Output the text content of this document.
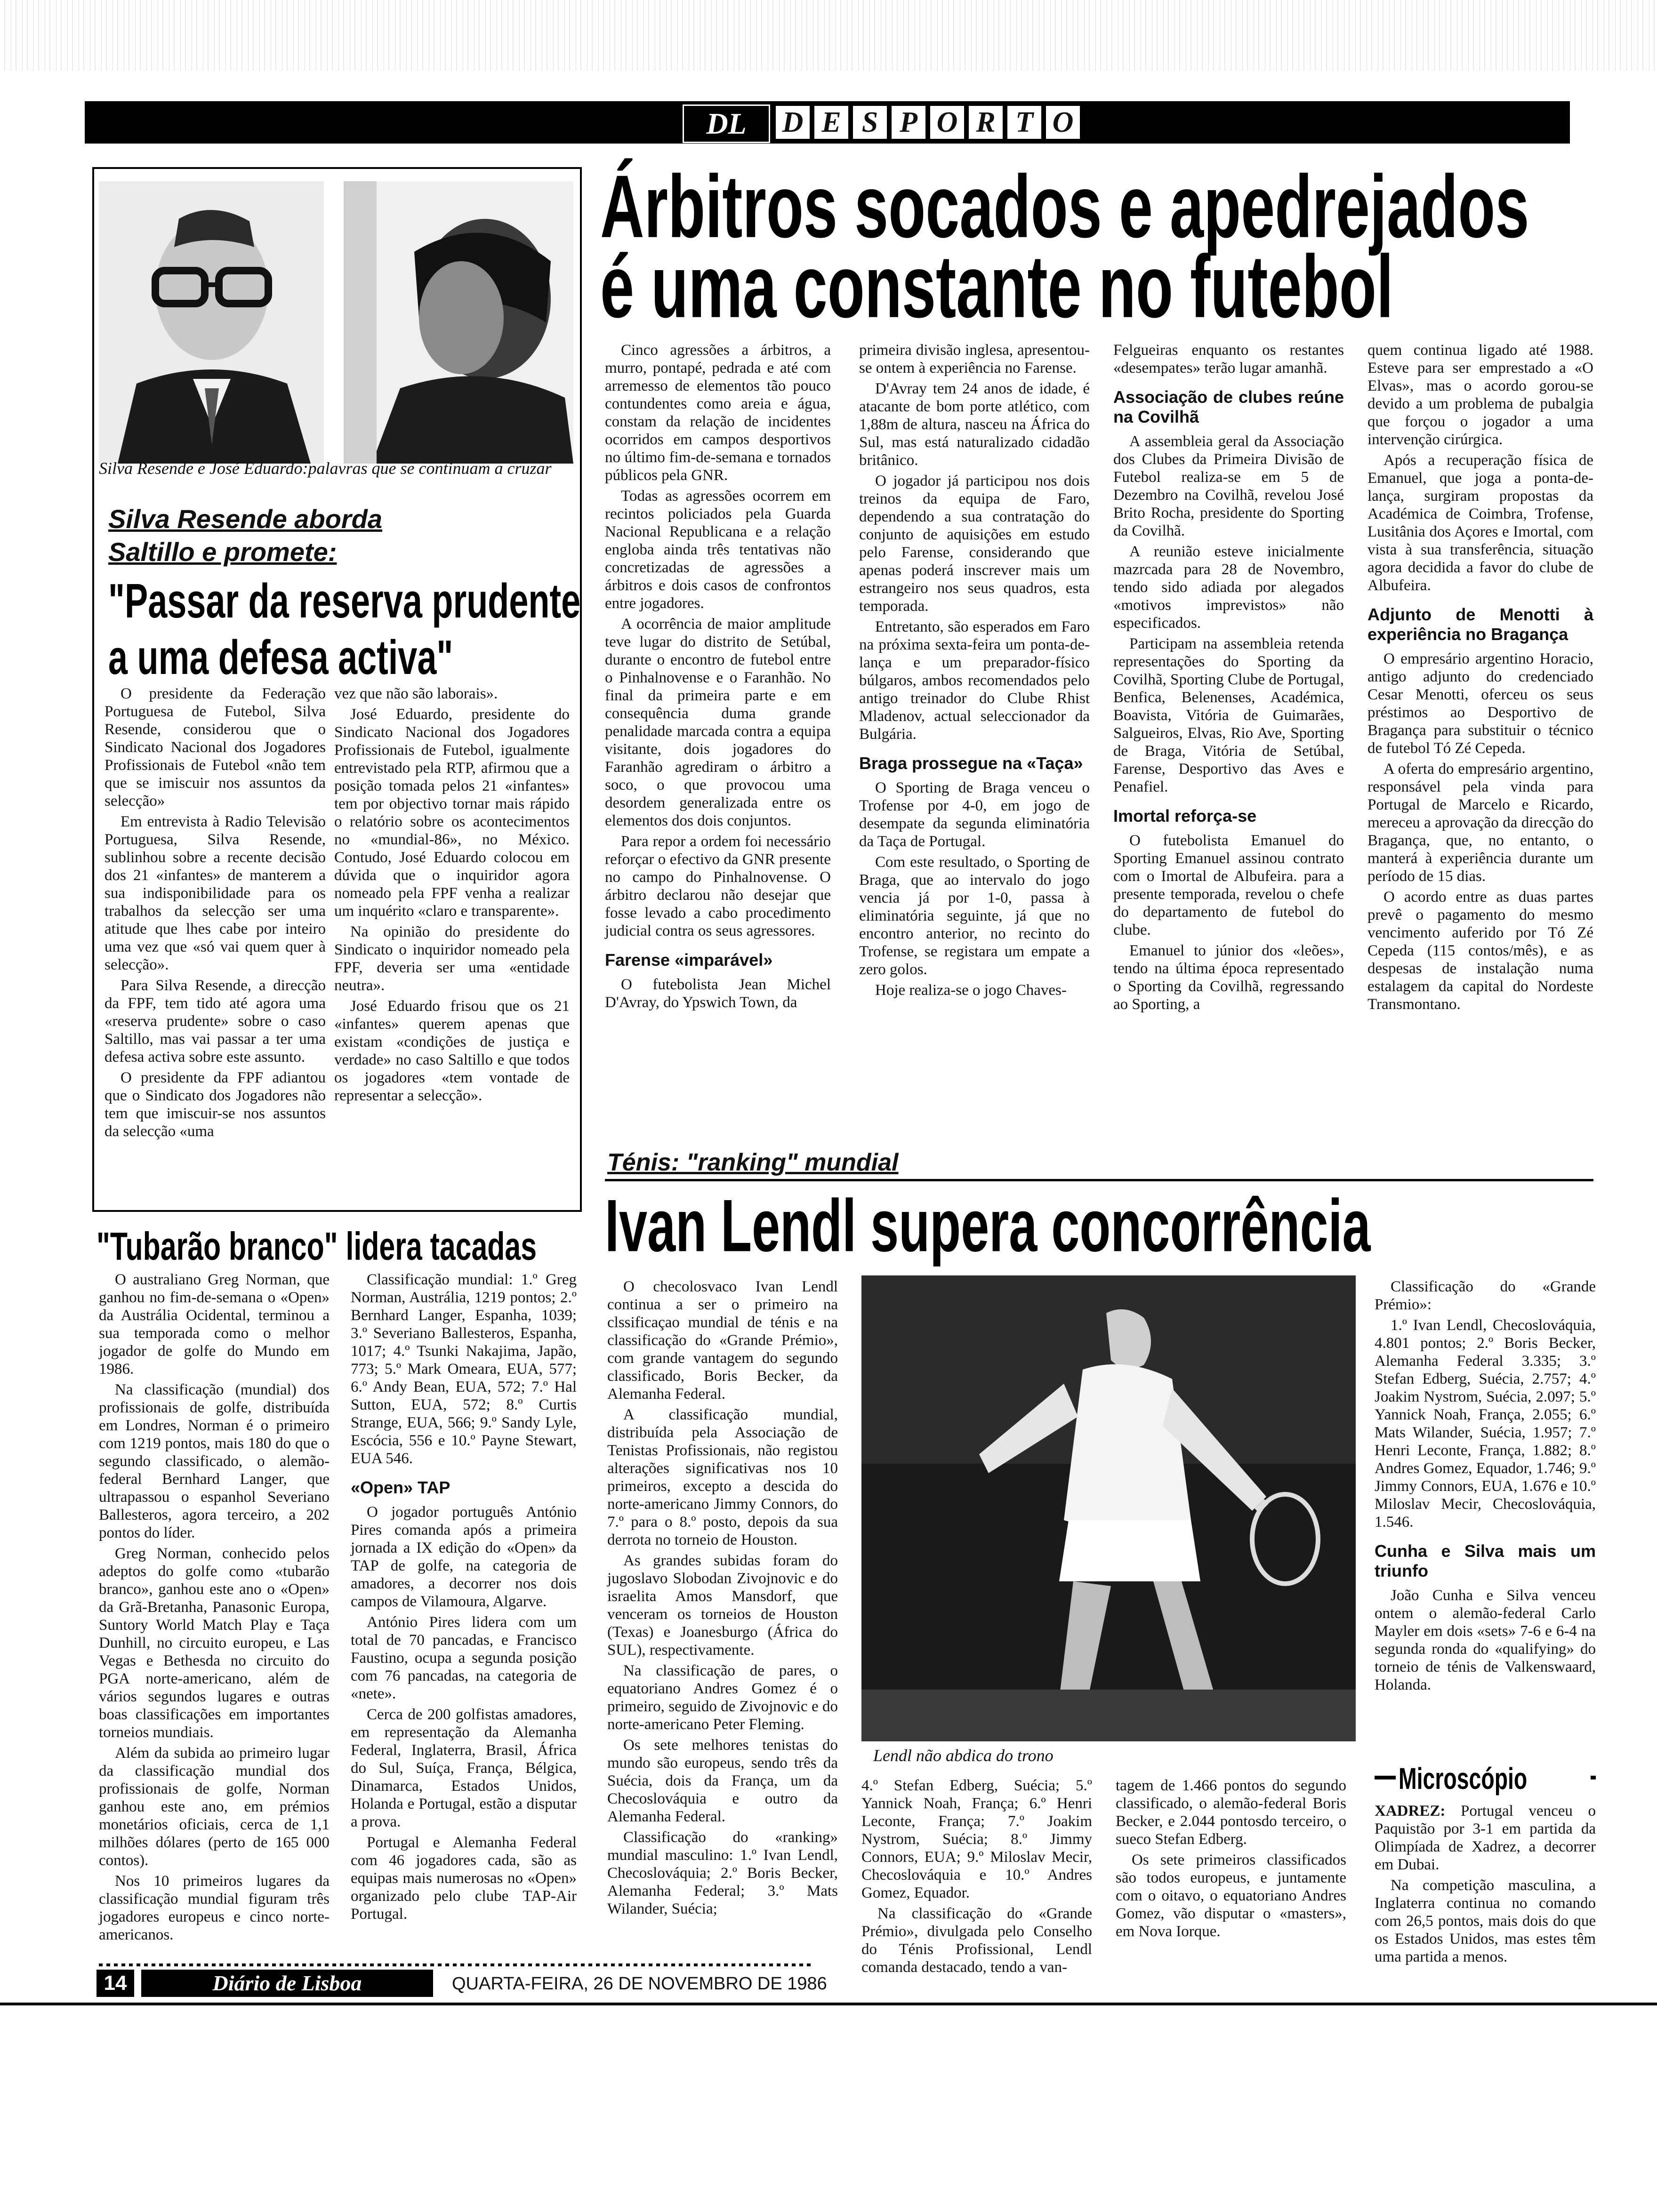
DL	D E S P O R T O
Silva Resende e José Eduardo:palavras que se continuam a cruzar
Silva Resende aborda
Saltillo e promete:
"Passar da reserva prudente
a uma defesa activa"

O presidente da Federação Portuguesa de Futebol, Silva Resende, considerou que o Sindicato Nacional dos Jogadores Profissionais de Futebol «não tem que se imiscuir nos assuntos da selecção»

Em entrevista à Radio Televisão Portuguesa, Silva Resende, sublinhou sobre a recente decisão dos 21 «infantes» de manterem a sua indisponibilidade para os trabalhos da selecção ser uma atitude que lhes cabe por inteiro uma vez que «só vai quem quer à selecção».

Para Silva Resende, a direcção da FPF, tem tido até agora uma «reserva prudente» sobre o caso Saltillo, mas vai passar a ter uma defesa activa sobre este assunto.

O presidente da FPF adiantou que o Sindicato dos Jogadores não tem que imiscuir-se nos assuntos da selecção «uma

vez que não são laborais».

José Eduardo, presidente do Sindicato Nacional dos Jogadores Profissionais de Futebol, igualmente entrevistado pela RTP, afirmou que a posição tomada pelos 21 «infantes» tem por objectivo tornar mais rápido o relatório sobre os acontecimentos no «mundial-86», no México. Contudo, José Eduardo colocou em dúvida que o inquiridor agora nomeado pela FPF venha a realizar um inquérito «claro e transparente».

Na opinião do presidente do Sindicato o inquiridor nomeado pela FPF, deveria ser uma «entidade neutra».

José Eduardo frisou que os 21 «infantes» querem apenas que existam «condições de justiça e verdade» no caso Saltillo e que todos os jogadores «tem vontade de representar a selecção».

Árbitros socados e apedrejados
é uma constante no futebol

Cinco agressões a árbitros, a murro, pontapé, pedrada e até com arremesso de elementos tão pouco contundentes como areia e água, constam da relação de incidentes ocorridos em campos desportivos no último fim-de-semana e tornados públicos pela GNR.

Todas as agressões ocorrem em recintos policiados pela Guarda Nacional Republicana e a relação engloba ainda três tentativas não concretizadas de agressões a árbitros e dois casos de confrontos entre jogadores.

A ocorrência de maior amplitude teve lugar do distrito de Setúbal, durante o encontro de futebol entre o Pinhalnovense e o Faranhão. No final da primeira parte e em consequência duma grande penalidade marcada contra a equipa visitante, dois jogadores do Faranhão agrediram o árbitro a soco, o que provocou uma desordem generalizada entre os elementos dos dois conjuntos.

Para repor a ordem foi necessário reforçar o efectivo da GNR presente no campo do Pinhalnovense. O árbitro declarou não desejar que fosse levado a cabo procedimento judicial contra os seus agressores.

Farense «imparável»

O futebolista Jean Michel D'Avray, do Ypswich Town, da

primeira divisão inglesa, apresentou-se ontem à experiência no Farense.

D'Avray tem 24 anos de idade, é atacante de bom porte atlético, com 1,88m de altura, nasceu na África do Sul, mas está naturalizado cidadão britânico.

O jogador já participou nos dois treinos da equipa de Faro, dependendo a sua contratação do conjunto de aquisições em estudo pelo Farense, considerando que apenas poderá inscrever mais um estrangeiro nos seus quadros, esta temporada.

Entretanto, são esperados em Faro na próxima sexta-feira um ponta-de-lança e um preparador-físico búlgaros, ambos recomendados pelo antigo treinador do Clube Rhist Mladenov, actual seleccionador da Bulgária.

Braga prossegue na «Taça»

O Sporting de Braga venceu o Trofense por 4-0, em jogo de desempate da segunda eliminatória da Taça de Portugal.

Com este resultado, o Sporting de Braga, que ao intervalo do jogo vencia já por 1-0, passa à eliminatória seguinte, já que no encontro anterior, no recinto do Trofense, se registara um empate a zero golos.

Hoje realiza-se o jogo Chaves-

Felgueiras enquanto os restantes «desempates» terão lugar amanhã.

Associação de clubes reúne na Covilhã

A assembleia geral da Associação dos Clubes da Primeira Divisão de Futebol realiza-se em 5 de Dezembro na Covilhã, revelou José Brito Rocha, presidente do Sporting da Covilhã.

A reunião esteve inicialmente mazrcada para 28 de Novembro, tendo sido adiada por alegados «motivos imprevistos» não especificados.

Participam na assembleia retenda representações do Sporting da Covilhã, Sporting Clube de Portugal, Benfica, Belenenses, Académica, Boavista, Vitória de Guimarães, Salgueiros, Elvas, Rio Ave, Sporting de Braga, Vitória de Setúbal, Farense, Desportivo das Aves e Penafiel.

Imortal reforça-se

O futebolista Emanuel do Sporting Emanuel assinou contrato com o Imortal de Albufeira. para a presente temporada, revelou o chefe do departamento de futebol do clube.

Emanuel to júnior dos «leões», tendo na última época representado o Sporting da Covilhã, regressando ao Sporting, a

quem continua ligado até 1988. Esteve para ser emprestado a «O Elvas», mas o acordo gorou-se devido a um problema de pubalgia que forçou o jogador a uma intervenção cirúrgica.

Após a recuperação física de Emanuel, que joga a ponta-de-lança, surgiram propostas da Académica de Coimbra, Trofense, Lusitânia dos Açores e Imortal, com vista à sua transferência, situação agora decidida a favor do clube de Albufeira.

Adjunto de Menotti à experiência no Bragança

O empresário argentino Horacio, antigo adjunto do credenciado Cesar Menotti, oferceu os seus préstimos ao Desportivo de Bragança para substituir o técnico de futebol Tó Zé Cepeda.

A oferta do empresário argentino, responsável pela vinda para Portugal de Marcelo e Ricardo, mereceu a aprovação da direcção do Bragança, que, no entanto, o manterá à experiência durante um período de 15 dias.

O acordo entre as duas partes prevê o pagamento do mesmo vencimento auferido por Tó Zé Cepeda (115 contos/mês), e as despesas de instalação numa estalagem da capital do Nordeste Transmontano.

"Tubarão branco" lidera tacadas

O australiano Greg Norman, que ganhou no fim-de-semana o «Open» da Austrália Ocidental, terminou a sua temporada como o melhor jogador de golfe do Mundo em 1986.

Na classificação (mundial) dos profissionais de golfe, distribuída em Londres, Norman é o primeiro com 1219 pontos, mais 180 do que o segundo classificado, o alemão-federal Bernhard Langer, que ultrapassou o espanhol Severiano Ballesteros, agora terceiro, a 202 pontos do líder.

Greg Norman, conhecido pelos adeptos do golfe como «tubarão branco», ganhou este ano o «Open» da Grã-Bretanha, Panasonic Europa, Suntory World Match Play e Taça Dunhill, no circuito europeu, e Las Vegas e Bethesda no circuito do PGA norte-americano, além de vários segundos lugares e outras boas classificações em importantes torneios mundiais.

Além da subida ao primeiro lugar da classificação mundial dos profissionais de golfe, Norman ganhou este ano, em prémios monetários oficiais, cerca de 1,1 milhões dólares (perto de 165 000 contos).

Nos 10 primeiros lugares da classificação mundial figuram três jogadores europeus e cinco norte-americanos.

Classificação mundial: 1.º Greg Norman, Austrália, 1219 pontos; 2.º Bernhard Langer, Espanha, 1039; 3.º Severiano Ballesteros, Espanha, 1017; 4.º Tsunki Nakajima, Japão, 773; 5.º Mark Omeara, EUA, 577; 6.º Andy Bean, EUA, 572; 7.º Hal Sutton, EUA, 572; 8.º Curtis Strange, EUA, 566; 9.º Sandy Lyle, Escócia, 556 e 10.º Payne Stewart, EUA 546.

«Open» TAP

O jogador português António Pires comanda após a primeira jornada a IX edição do «Open» da TAP de golfe, na categoria de amadores, a decorrer nos dois campos de Vilamoura, Algarve.

António Pires lidera com um total de 70 pancadas, e Francisco Faustino, ocupa a segunda posição com 76 pancadas, na categoria de «nete».

Cerca de 200 golfistas amadores, em representação da Alemanha Federal, Inglaterra, Brasil, África do Sul, Suíça, França, Bélgica, Dinamarca, Estados Unidos, Holanda e Portugal, estão a disputar a prova.

Portugal e Alemanha Federal com 46 jogadores cada, são as equipas mais numerosas no «Open» organizado pelo clube TAP-Air Portugal.

Ténis: "ranking" mundial
Ivan Lendl supera concorrência

O checolosvaco Ivan Lendl continua a ser o primeiro na clssificaçao mundial de ténis e na classificação do «Grande Prémio», com grande vantagem do segundo classificado, Boris Becker, da Alemanha Federal.

A classificação mundial, distribuída pela Associação de Tenistas Profissionais, não registou alterações significativas nos 10 primeiros, excepto a descida do norte-americano Jimmy Connors, do 7.º para o 8.º posto, depois da sua derrota no torneio de Houston.

As grandes subidas foram do jugoslavo Slobodan Zivojnovic e do israelita Amos Mansdorf, que venceram os torneios de Houston (Texas) e Joanesburgo (África do SUL), respectivamente.

Na classificação de pares, o equatoriano Andres Gomez é o primeiro, seguido de Zivojnovic e do norte-americano Peter Fleming.

Os sete melhores tenistas do mundo são europeus, sendo três da Suécia, dois da França, um da Checoslováquia e outro da Alemanha Federal.

Classificação do «ranking» mundial masculino: 1.º Ivan Lendl, Checoslováquia; 2.º Boris Becker, Alemanha Federal; 3.º Mats Wilander, Suécia;

Lendl não abdica do trono

4.º Stefan Edberg, Suécia; 5.º Yannick Noah, França; 6.º Henri Leconte, França; 7.º Joakim Nystrom, Suécia; 8.º Jimmy Connors, EUA; 9.º Miloslav Mecir, Checoslováquia e 10.º Andres Gomez, Equador.

Na classificação do «Grande Prémio», divulgada pelo Conselho do Ténis Profissional, Lendl comanda destacado, tendo a van-

tagem de 1.466 pontos do segundo classificado, o alemão-federal Boris Becker, e 2.044 pontosdo terceiro, o sueco Stefan Edberg.

Os sete primeiros classificados são todos europeus, e juntamente com o oitavo, o equatoriano Andres Gomez, vão disputar o «masters», em Nova Iorque.

Classificação do «Grande Prémio»:

1.º Ivan Lendl, Checoslováquia, 4.801 pontos; 2.º Boris Becker, Alemanha Federal 3.335; 3.º Stefan Edberg, Suécia, 2.757; 4.º Joakim Nystrom, Suécia, 2.097; 5.º Yannick Noah, França, 2.055; 6.º Mats Wilander, Suécia, 1.957; 7.º Henri Leconte, França, 1.882; 8.º Andres Gomez, Equador, 1.746; 9.º Jimmy Connors, EUA, 1.676 e 10.º Miloslav Mecir, Checoslováquia, 1.546.

Cunha e Silva mais um triunfo

João Cunha e Silva venceu ontem o alemão-federal Carlo Mayler em dois «sets» 7-6 e 6-4 na segunda ronda do «qualifying» do torneio de ténis de Valkenswaard, Holanda.

Microscópio

XADREZ: Portugal venceu o Paquistão por 3-1 em partida da Olimpíada de Xadrez, a decorrer em Dubai.

Na competição masculina, a Inglaterra continua no comando com 26,5 pontos, mais dois do que os Estados Unidos, mas estes têm uma partida a menos.

14	Diário de Lisboa	QUARTA-FEIRA, 26 DE NOVEMBRO DE 1986
